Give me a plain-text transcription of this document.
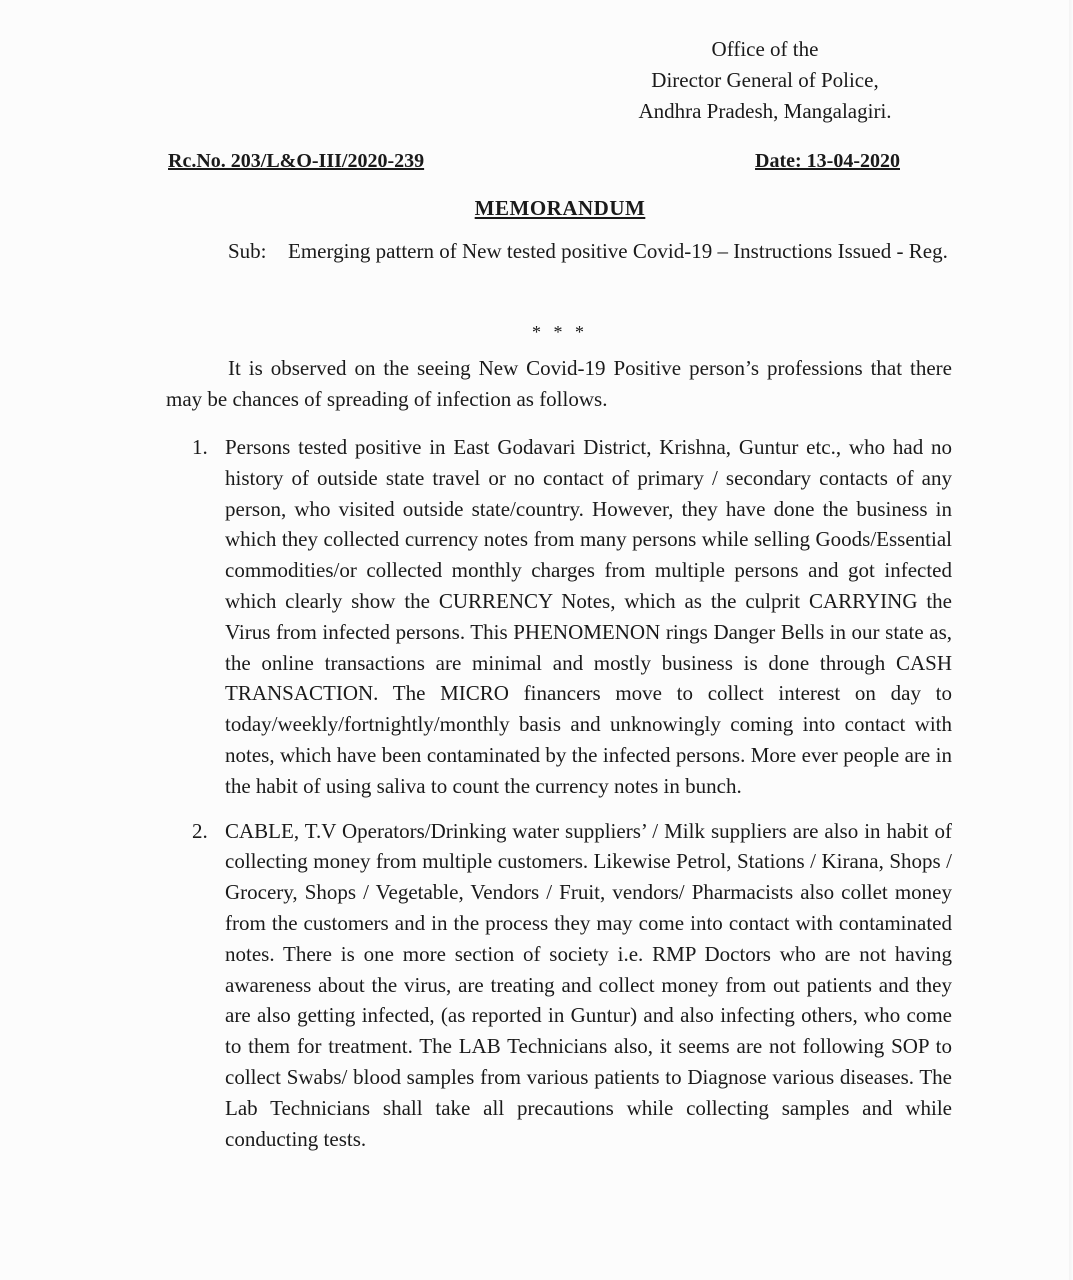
Office of the
Director General of Police,
Andhra Pradesh, Mangalagiri.
Rc.No. 203/L&O-III/2020-239	Date: 13-04-2020
MEMORANDUM
Sub:	Emerging pattern of New tested positive Covid-19 – Instructions Issued - Reg.
* * *
It is observed on the seeing New Covid-19 Positive person’s professions that there may be chances of spreading of infection as follows.
1. Persons tested positive in East Godavari District, Krishna, Guntur etc., who had no history of outside state travel or no contact of primary / secondary contacts of any person, who visited outside state/country. However, they have done the business in which they collected currency notes from many persons while selling Goods/Essential commodities/or collected monthly charges from multiple persons and got infected which clearly show the CURRENCY Notes, which as the culprit CARRYING the Virus from infected persons. This PHENOMENON rings Danger Bells in our state as, the online transactions are minimal and mostly business is done through CASH TRANSACTION. The MICRO financers move to collect interest on day to today/weekly/fortnightly/monthly basis and unknowingly coming into contact with notes, which have been contaminated by the infected persons. More ever people are in the habit of using saliva to count the currency notes in bunch.
2. CABLE, T.V Operators/Drinking water suppliers’ / Milk suppliers are also in habit of collecting money from multiple customers. Likewise Petrol, Stations / Kirana, Shops / Grocery, Shops / Vegetable, Vendors / Fruit, vendors/ Pharmacists also collet money from the customers and in the process they may come into contact with contaminated notes. There is one more section of society i.e. RMP Doctors who are not having awareness about the virus, are treating and collect money from out patients and they are also getting infected, (as reported in Guntur) and also infecting others, who come to them for treatment. The LAB Technicians also, it seems are not following SOP to collect Swabs/ blood samples from various patients to Diagnose various diseases. The Lab Technicians shall take all precautions while collecting samples and while conducting tests.
